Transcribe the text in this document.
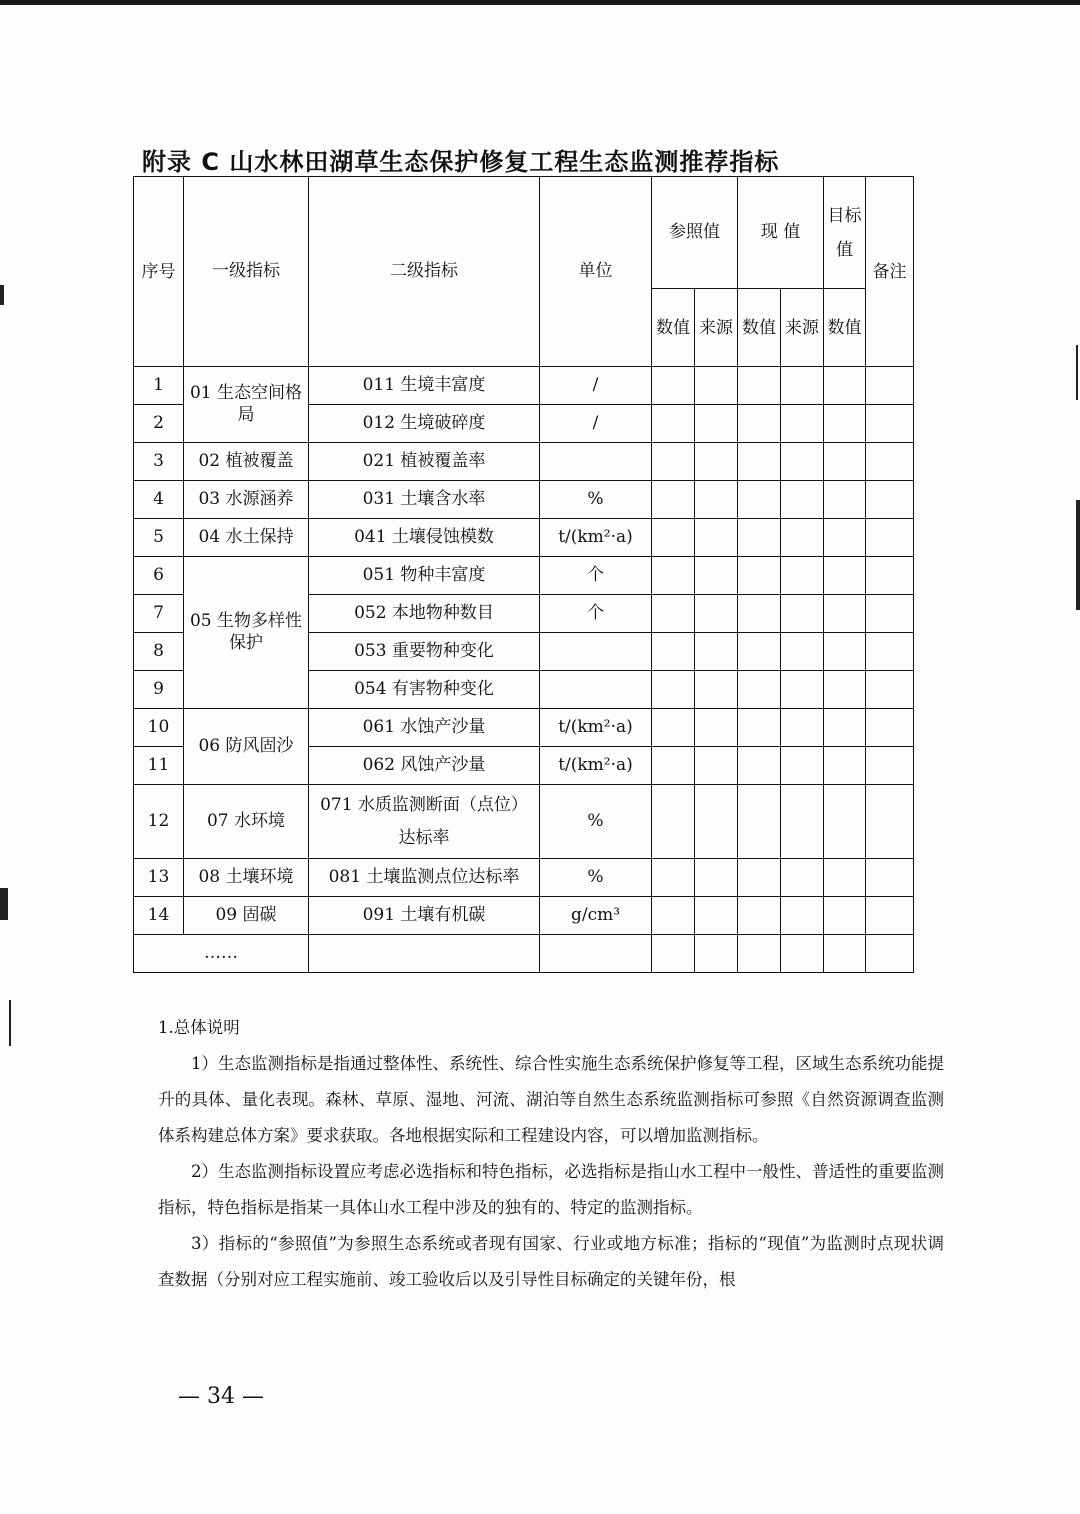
附录 C 山水林田湖草生态保护修复工程生态监测推荐指标
序号	一级指标	二级指标	单位	参照值		现 值		目标值	备注
				数值	来源	数值	来源	数值	
1	01 生态空间格局	011 生境丰富度	/						
2		012 生境破碎度	/						
3	02 植被覆盖	021 植被覆盖率							
4	03 水源涵养	031 土壤含水率	%						
5	04 水土保持	041 土壤侵蚀模数	t/(km²·a)						
6	05 生物多样性保护	051 物种丰富度	个						
7		052 本地物种数目	个						
8		053 重要物种变化							
9		054 有害物种变化							
10	06 防风固沙	061 水蚀产沙量	t/(km²·a)						
11		062 风蚀产沙量	t/(km²·a)						
12	07 水环境	071 水质监测断面（点位）达标率	%						
13	08 土壤环境	081 土壤监测点位达标率	%						
14	09 固碳	091 土壤有机碳	g/cm³						
……									

1.总体说明

1）生态监测指标是指通过整体性、系统性、综合性实施生态系统保护修复等工程，区域生态系统功能提升的具体、量化表现。森林、草原、湿地、河流、湖泊等自然生态系统监测指标可参照《自然资源调查监测体系构建总体方案》要求获取。各地根据实际和工程建设内容，可以增加监测指标。

2）生态监测指标设置应考虑必选指标和特色指标，必选指标是指山水工程中一般性、普适性的重要监测指标，特色指标是指某一具体山水工程中涉及的独有的、特定的监测指标。

3）指标的“参照值”为参照生态系统或者现有国家、行业或地方标准；指标的“现值”为监测时点现状调查数据（分别对应工程实施前、竣工验收后以及引导性目标确定的关键年份，根

— 34 —
